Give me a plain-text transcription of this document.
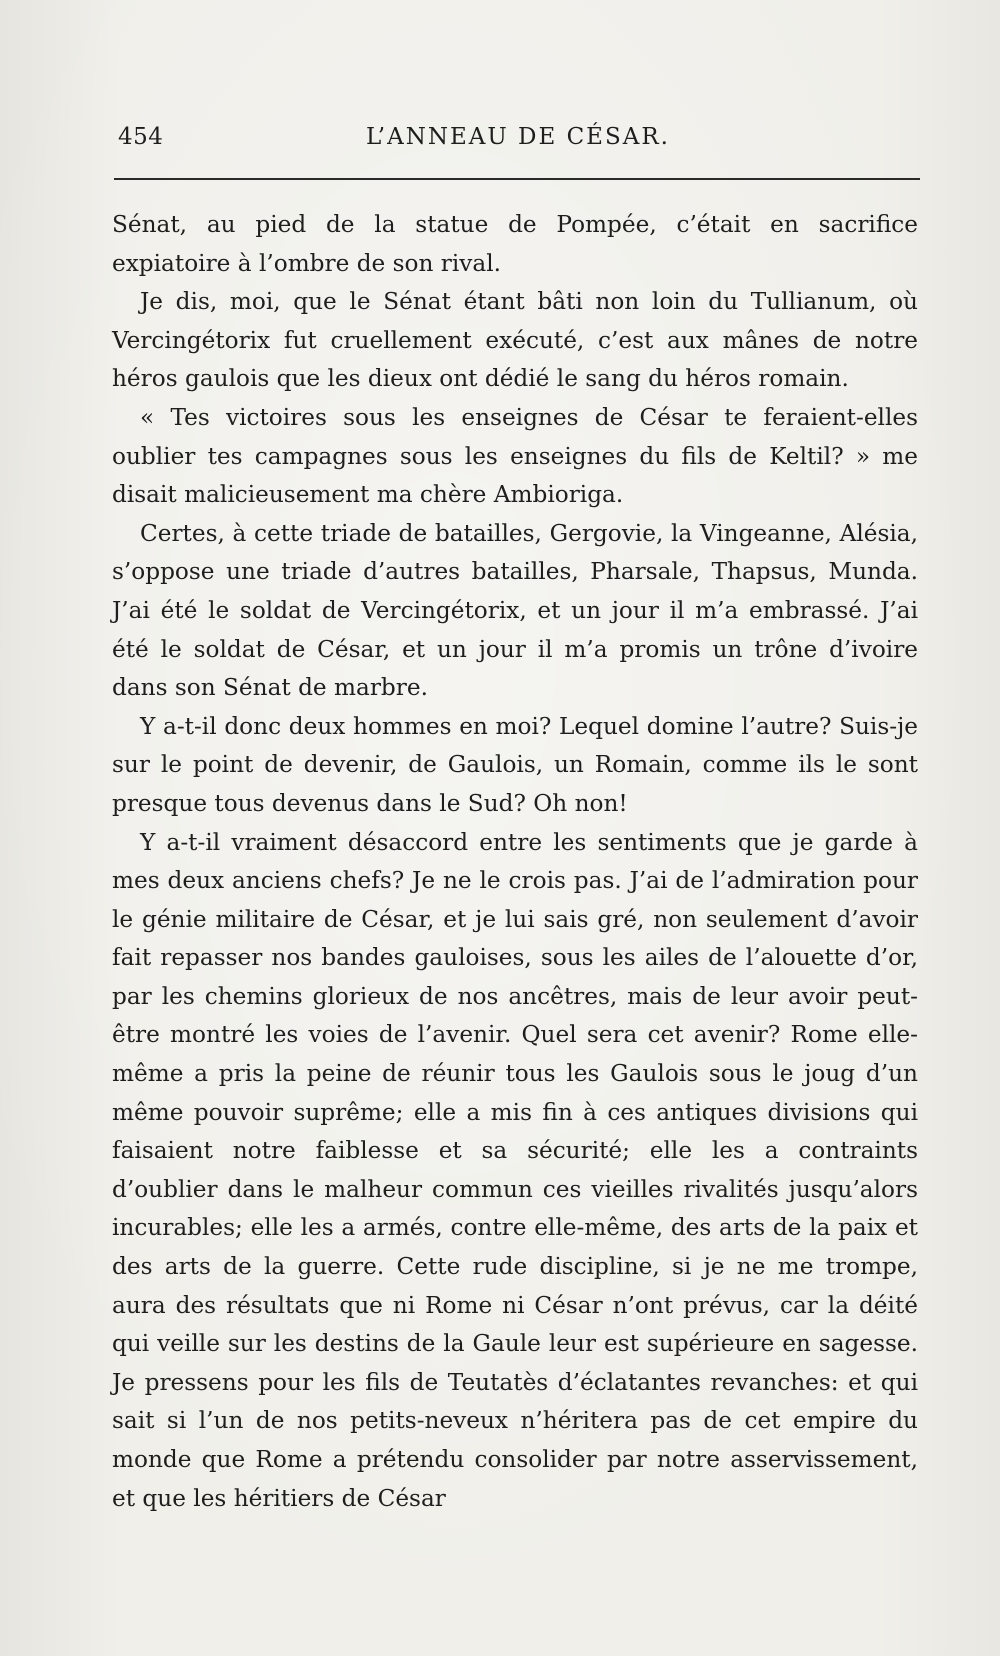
454	L’ANNEAU DE CÉSAR.

Sénat, au pied de la statue de Pompée, c’était en sacrifice expiatoire à l’ombre de son rival.

Je dis, moi, que le Sénat étant bâti non loin du Tullianum, où Vercingétorix fut cruellement exécuté, c’est aux mânes de notre héros gaulois que les dieux ont dédié le sang du héros romain.

« Tes victoires sous les enseignes de César te feraient-elles oublier tes campagnes sous les enseignes du fils de Keltil? » me disait malicieusement ma chère Ambioriga.

Certes, à cette triade de batailles, Gergovie, la Vingeanne, Alésia, s’oppose une triade d’autres batailles, Pharsale, Thapsus, Munda. J’ai été le soldat de Vercingétorix, et un jour il m’a embrassé. J’ai été le soldat de César, et un jour il m’a promis un trône d’ivoire dans son Sénat de marbre.

Y a-t-il donc deux hommes en moi? Lequel domine l’autre? Suis-je sur le point de devenir, de Gaulois, un Romain, comme ils le sont presque tous devenus dans le Sud? Oh non!

Y a-t-il vraiment désaccord entre les sentiments que je garde à mes deux anciens chefs? Je ne le crois pas. J’ai de l’admiration pour le génie militaire de César, et je lui sais gré, non seulement d’avoir fait repasser nos bandes gauloises, sous les ailes de l’alouette d’or, par les chemins glorieux de nos ancêtres, mais de leur avoir peut-être montré les voies de l’avenir. Quel sera cet avenir? Rome elle-même a pris la peine de réunir tous les Gaulois sous le joug d’un même pouvoir suprême; elle a mis fin à ces antiques divisions qui faisaient notre faiblesse et sa sécurité; elle les a contraints d’oublier dans le malheur commun ces vieilles rivalités jusqu’alors incurables; elle les a armés, contre elle-même, des arts de la paix et des arts de la guerre. Cette rude discipline, si je ne me trompe, aura des résultats que ni Rome ni César n’ont prévus, car la déité qui veille sur les destins de la Gaule leur est supérieure en sagesse. Je pressens pour les fils de Teutatès d’éclatantes revanches: et qui sait si l’un de nos petits-neveux n’héritera pas de cet empire du monde que Rome a prétendu consolider par notre asservissement, et que les héritiers de César
